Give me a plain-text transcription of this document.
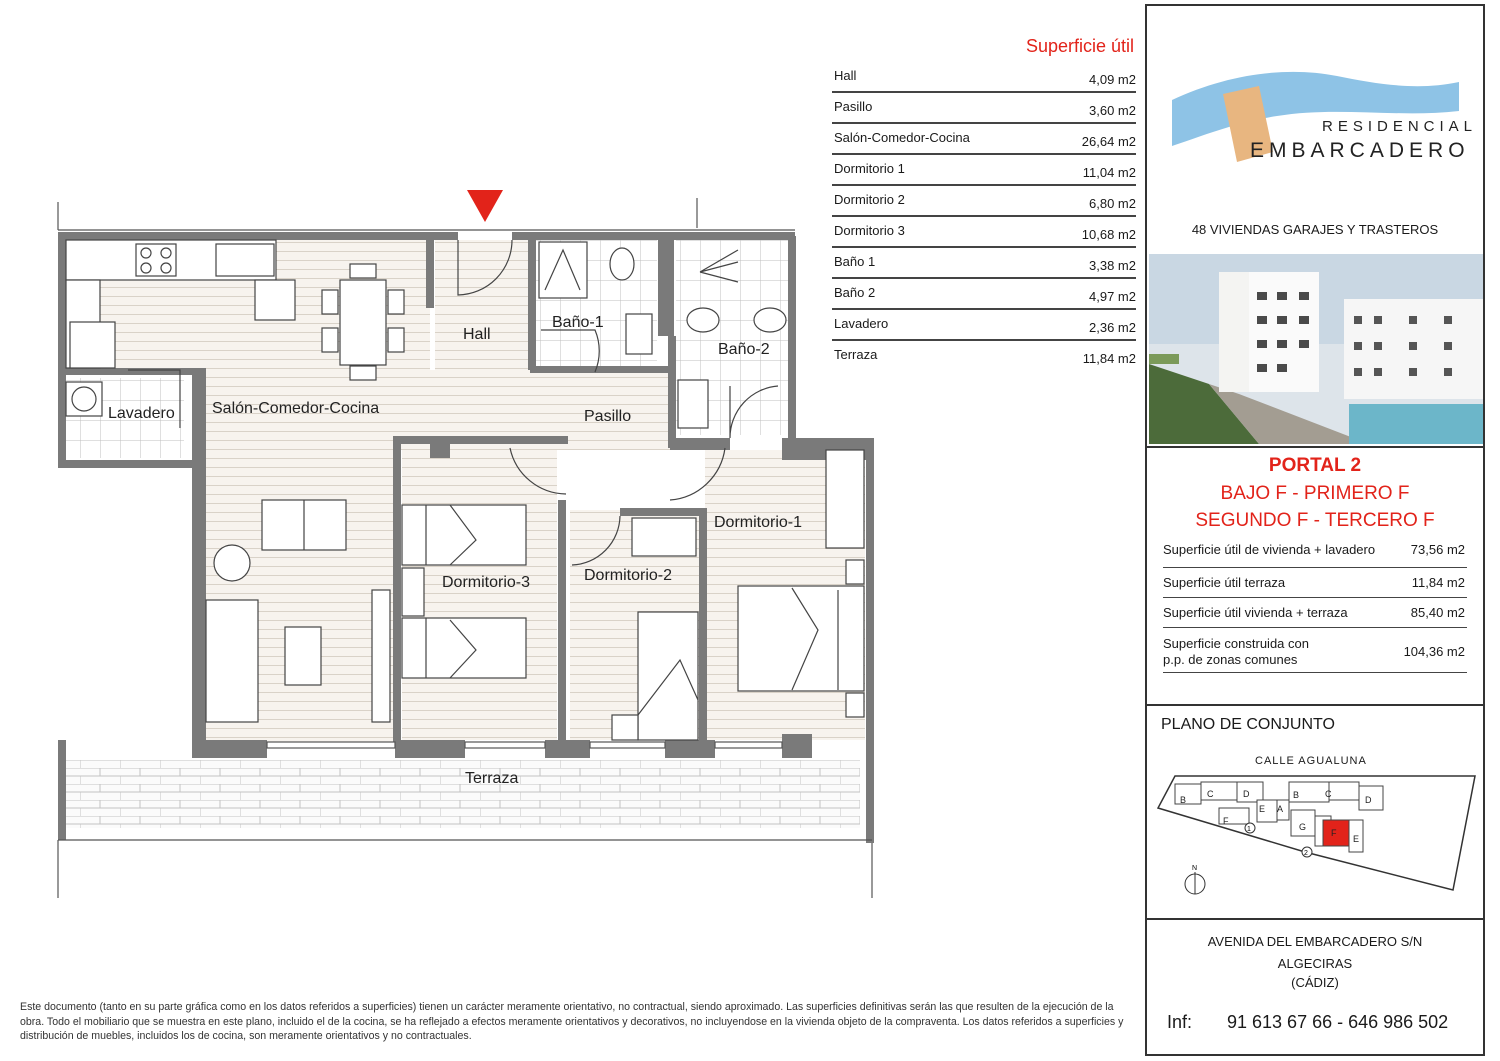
Hall
Baño-1
Baño-2
Lavadero Salón-Comedor-Cocina	Pasillo
Dormitorio-1
Dormitorio-2
Dormitorio-3
Terraza
Superficie útil
Hall	4,09 m2
Pasillo	3,60 m2
Salón-Comedor-Cocina	26,64 m2
Dormitorio 1	11,04 m2
Dormitorio 2	6,80 m2
Dormitorio 3	10,68 m2
Baño 1	3,38 m2
Baño 2	4,97 m2
Lavadero	2,36 m2
Terraza	11,84 m2
Este documento (tanto en su parte gráfica como en los datos referidos a superficies) tienen un carácter meramente orientativo, no contractual, siendo aproximado. Las superficies definitivas serán las que resulten de la ejecución de la obra. Todo el mobiliario que se muestra en este plano, incluido el de la cocina, se ha reflejado a efectos meramente orientativos y decorativos, no incluyendose en la vivienda objeto de la compraventa. Los datos referidos a superficies y distribución de muebles, incluidos los de cocina, son meramente orientativos y no contractuales.
RESIDENCIAL
EMBARCADERO
48 VIVIENDAS GARAJES Y TRASTEROS
PORTAL 2
BAJO F - PRIMERO F
SEGUNDO F - TERCERO F
Superficie útil de vivienda + lavadero	73,56 m2
Superficie útil terraza	11,84 m2
Superficie útil vivienda + terraza	85,40 m2
Superficie construida con
p.p. de zonas comunes
104,36 m2
PLANO DE CONJUNTO
CALLE AGUALUNA
B
C	D
E A
F
B	C
D
G
F
E
1
2
N
AVENIDA DEL EMBARCADERO S/N
ALGECIRAS
(CÁDIZ)
Inf: 91 613 67 66 - 646 986 502
